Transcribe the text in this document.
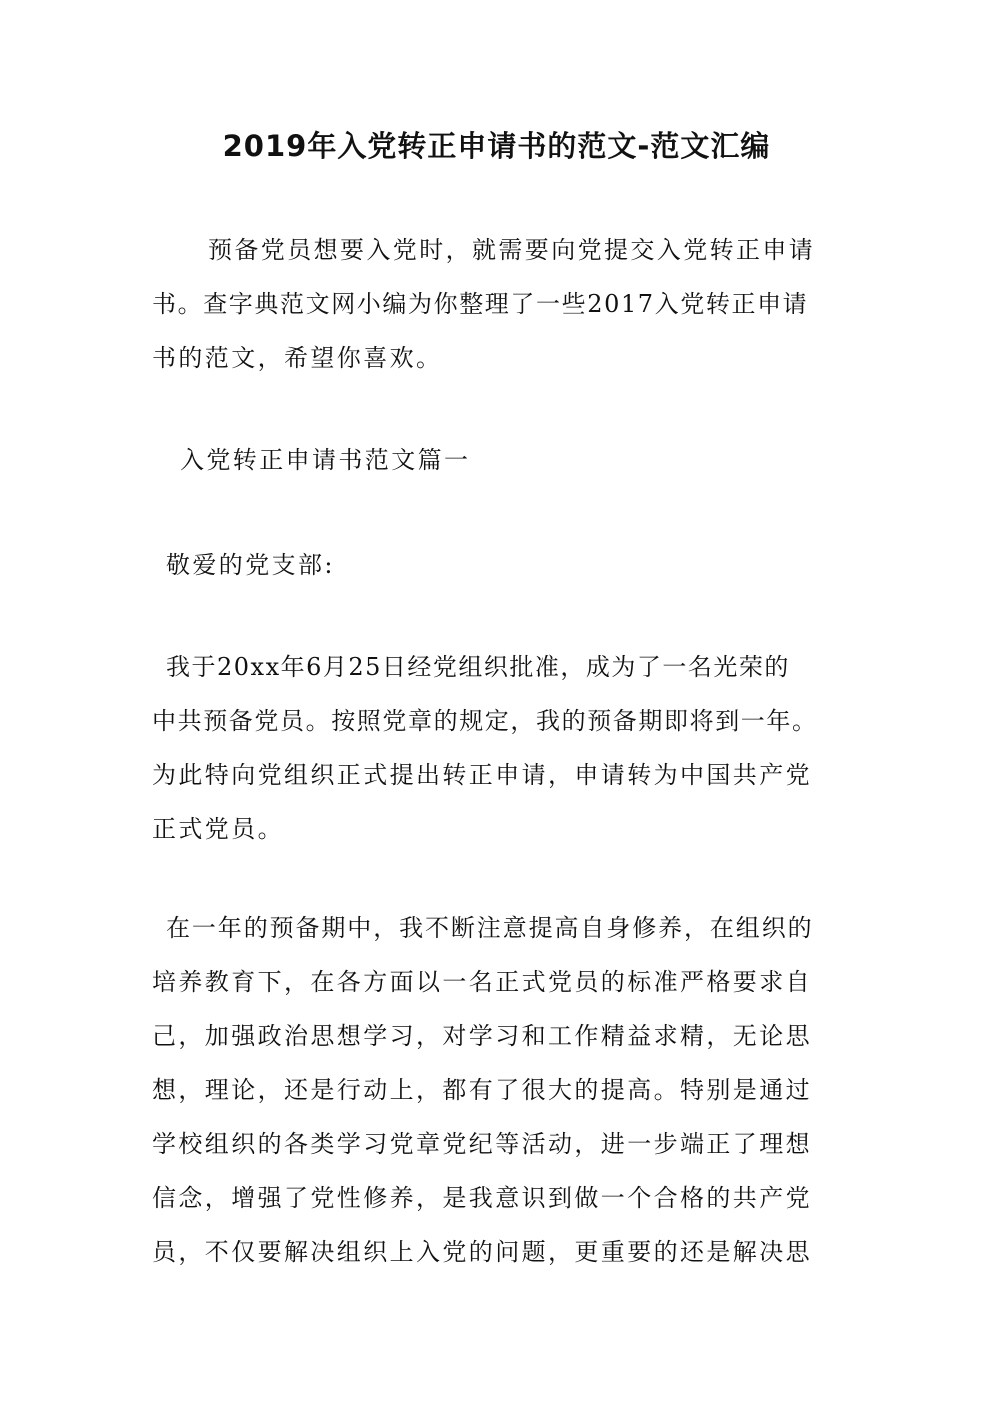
2019年入党转正申请书的范文-范文汇编
预备党员想要入党时，就需要向党提交入党转正申请
书。查字典范文网小编为你整理了一些2017入党转正申请
书的范文，希望你喜欢。
入党转正申请书范文篇一
敬爱的党支部:
我于20xx年6月25日经党组织批准，成为了一名光荣的
中共预备党员。按照党章的规定，我的预备期即将到一年。
为此特向党组织正式提出转正申请，申请转为中国共产党
正式党员。
在一年的预备期中，我不断注意提高自身修养，在组织的
培养教育下，在各方面以一名正式党员的标准严格要求自
己，加强政治思想学习，对学习和工作精益求精，无论思
想，理论，还是行动上，都有了很大的提高。特别是通过
学校组织的各类学习党章党纪等活动，进一步端正了理想
信念，增强了党性修养，是我意识到做一个合格的共产党
员，不仅要解决组织上入党的问题，更重要的还是解决思
